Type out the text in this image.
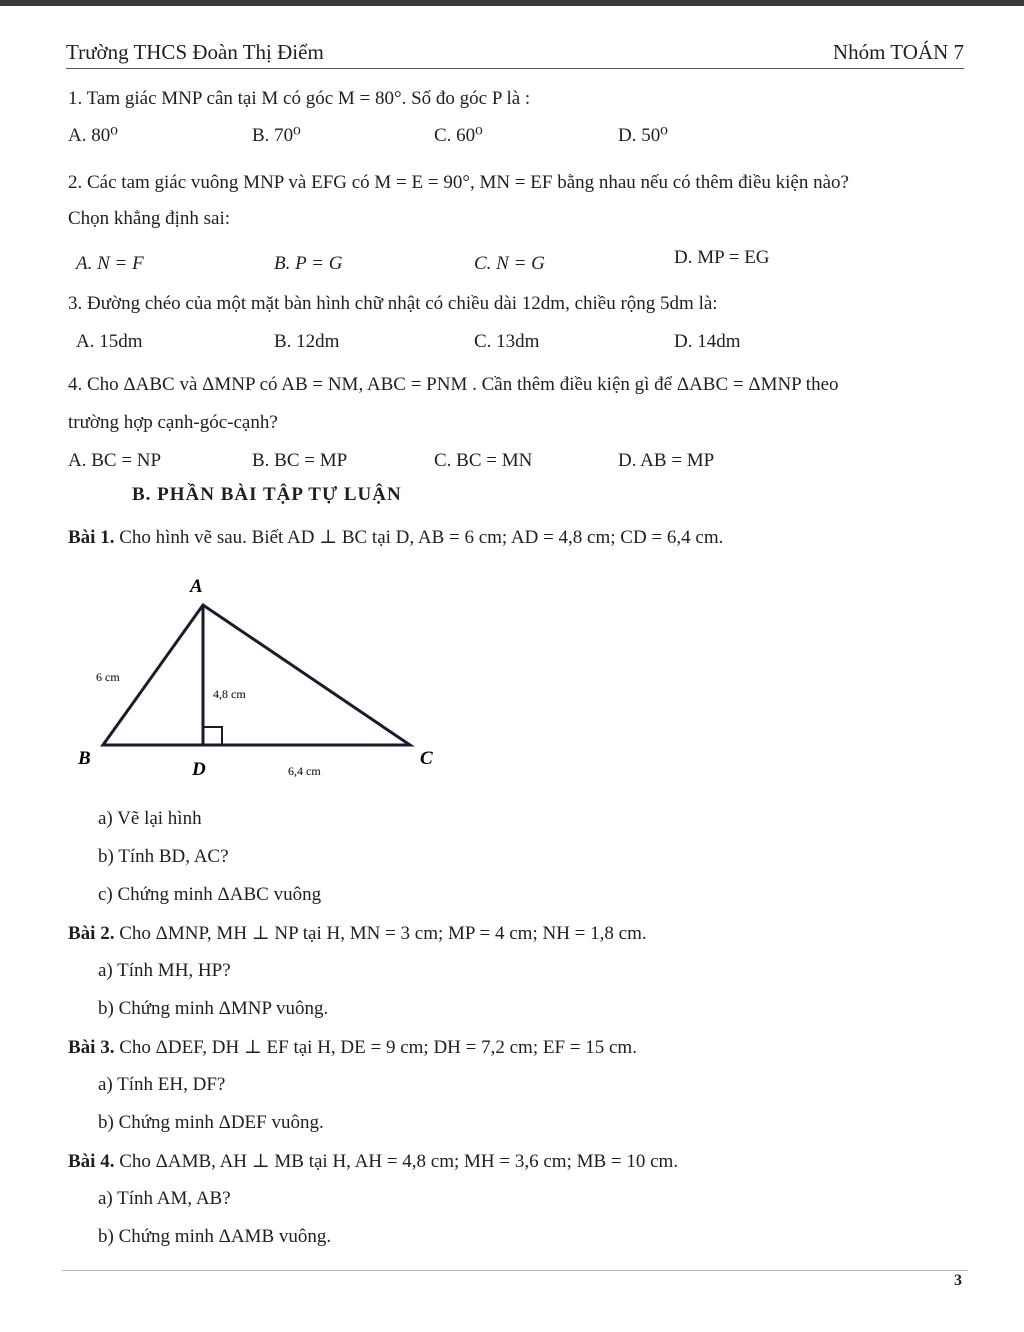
Trường THCS Đoàn Thị Điểm	Nhóm TOÁN 7
1. Tam giác MNP cân tại M có góc M = 80°. Số đo góc P là :
A. 80⁰	B. 70⁰	C. 60⁰	D. 50⁰
2. Các tam giác vuông MNP và EFG có M = E = 90°, MN = EF bằng nhau nếu có thêm điều kiện nào?
Chọn khẳng định sai:
A. N = F	B. P = G	C. N = G	D. MP = EG
3. Đường chéo của một mặt bàn hình chữ nhật có chiều dài 12dm, chiều rộng 5dm là:
A. 15dm	B. 12dm	C. 13dm	D. 14dm
4. Cho ΔABC và ΔMNP có AB = NM, ABC = PNM . Cần thêm điều kiện gì để ΔABC = ΔMNP theo
trường hợp cạnh-góc-cạnh?
A. BC = NP	B. BC = MP	C. BC = MN	D. AB = MP
B. PHẦN BÀI TẬP TỰ LUẬN
Bài 1. Cho hình vẽ sau. Biết AD ⊥ BC tại D, AB = 6 cm; AD = 4,8 cm; CD = 6,4 cm.
A
B	C
D
6 cm
4,8 cm
6,4 cm
a) Vẽ lại hình
b) Tính BD, AC?
c) Chứng minh ΔABC vuông
Bài 2. Cho ΔMNP, MH ⊥ NP tại H, MN = 3 cm; MP = 4 cm; NH = 1,8 cm.
a) Tính MH, HP?
b) Chứng minh ΔMNP vuông.
Bài 3. Cho ΔDEF, DH ⊥ EF tại H, DE = 9 cm; DH = 7,2 cm; EF = 15 cm.
a) Tính EH, DF?
b) Chứng minh ΔDEF vuông.
Bài 4. Cho ΔAMB, AH ⊥ MB tại H, AH = 4,8 cm; MH = 3,6 cm; MB = 10 cm.
a) Tính AM, AB?
b) Chứng minh ΔAMB vuông.
3
